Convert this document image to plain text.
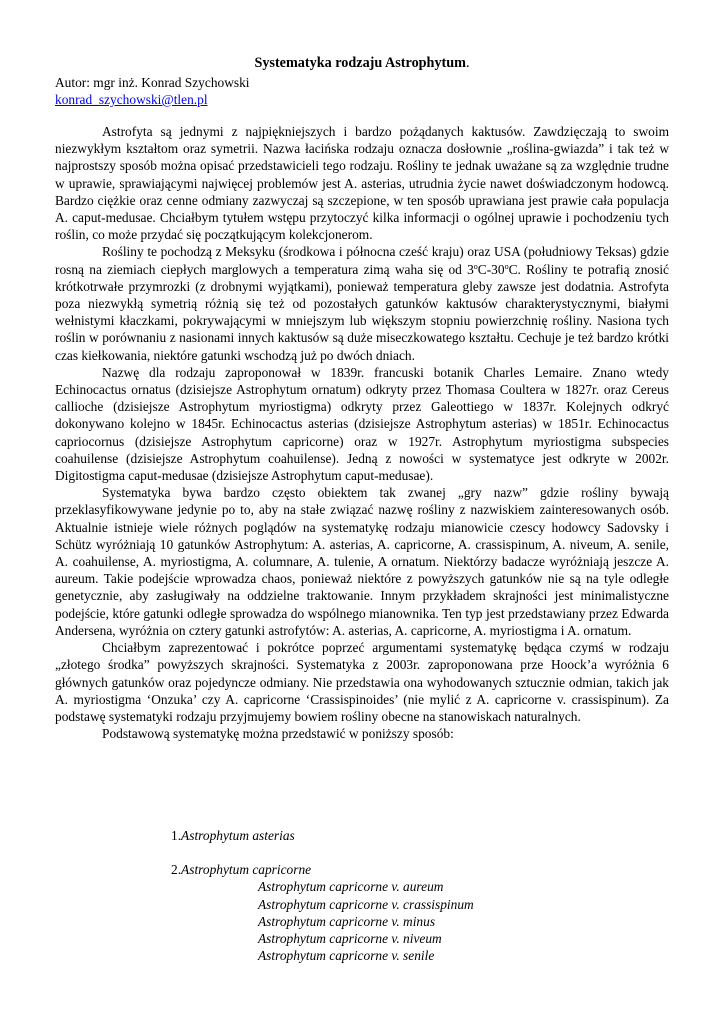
Systematyka rodzaju Astrophytum.
Autor: mgr inż. Konrad Szychowski
konrad_szychowski@tlen.pl

Astrofyta są jednymi z najpiękniejszych i bardzo pożądanych kaktusów. Zawdzięczają to swoim niezwykłym kształtom oraz symetrii. Nazwa łacińska rodzaju oznacza dosłownie „roślina-gwiazda” i tak też w najprostszy sposób można opisać przedstawicieli tego rodzaju. Rośliny te jednak uważane są za względnie trudne w uprawie, sprawiającymi najwięcej problemów jest A. asterias, utrudnia życie nawet doświadczonym hodowcą. Bardzo ciężkie oraz cenne odmiany zazwyczaj są szczepione, w ten sposób uprawiana jest prawie cała populacja A. caput-medusae. Chciałbym tytułem wstępu przytoczyć kilka informacji o ogólnej uprawie i pochodzeniu tych roślin, co może przydać się początkującym kolekcjonerom.

Rośliny te pochodzą z Meksyku (środkowa i północna cześć kraju) oraz USA (południowy Teksas) gdzie rosną na ziemiach ciepłych marglowych a temperatura zimą waha się od 3$^o$C-30$^o$C. Rośliny te potrafią znosić krótkotrwałe przymrozki (z drobnymi wyjątkami), ponieważ temperatura gleby zawsze jest dodatnia. Astrofyta poza niezwykłą symetrią różnią się też od pozostałych gatunków kaktusów charakterystycznymi, białymi wełnistymi kłaczkami, pokrywającymi w mniejszym lub większym stopniu powierzchnię rośliny. Nasiona tych roślin w porównaniu z nasionami innych kaktusów są duże miseczkowatego kształtu. Cechuje je też bardzo krótki czas kiełkowania, niektóre gatunki wschodzą już po dwóch dniach.

Nazwę dla rodzaju zaproponował w 1839r. francuski botanik Charles Lemaire. Znano wtedy Echinocactus ornatus (dzisiejsze Astrophytum ornatum) odkryty przez Thomasa Coultera w 1827r. oraz Cereus callioche (dzisiejsze Astrophytum myriostigma) odkryty przez Galeottiego w 1837r. Kolejnych odkryć dokonywano kolejno w 1845r. Echinocactus asterias (dzisiejsze Astrophytum asterias) w 1851r. Echinocactus capriocornus (dzisiejsze Astrophytum capricorne) oraz w 1927r. Astrophytum myriostigma subspecies coahuilense (dzisiejsze Astrophytum coahuilense). Jedną z nowości w systematyce jest odkryte w 2002r. Digitostigma caput-medusae (dzisiejsze Astrophytum caput-medusae).

Systematyka bywa bardzo często obiektem tak zwanej „gry nazw” gdzie rośliny bywają przeklasyfikowywane jedynie po to, aby na stałe związać nazwę rośliny z nazwiskiem zainteresowanych osób. Aktualnie istnieje wiele różnych poglądów na systematykę rodzaju mianowicie czescy hodowcy Sadovsky i Schütz wyróżniają 10 gatunków Astrophytum: A. asterias, A. capricorne, A. crassispinum, A. niveum, A. senile, A. coahuilense, A. myriostigma, A. columnare, A. tulenie, A ornatum. Niektórzy badacze wyróżniają jeszcze A. aureum. Takie podejście wprowadza chaos, ponieważ niektóre z powyższych gatunków nie są na tyle odległe genetycznie, aby zasługiwały na oddzielne traktowanie. Innym przykładem skrajności jest minimalistyczne podejście, które gatunki odległe sprowadza do wspólnego mianownika. Ten typ jest przedstawiany przez Edwarda Andersena, wyróżnia on cztery gatunki astrofytów: A. asterias, A. capricorne, A. myriostigma i A. ornatum.

Chciałbym zaprezentować i pokrótce poprzeć argumentami systematykę będąca czymś w rodzaju „złotego środka” powyższych skrajności. Systematyka z 2003r. zaproponowana prze Hoock’a wyróżnia 6 głównych gatunków oraz pojedyncze odmiany. Nie przedstawia ona wyhodowanych sztucznie odmian, takich jak A. myriostigma ‘Onzuka’ czy A. capricorne ‘Crassispinoides’ (nie mylić z A. capricorne v. crassispinum). Za podstawę systematyki rodzaju przyjmujemy bowiem rośliny obecne na stanowiskach naturalnych.

Podstawową systematykę można przedstawić w poniższy sposób:

1.Astrophytum asterias
2.Astrophytum capricorne
Astrophytum capricorne v. aureum
Astrophytum capricorne v. crassispinum
Astrophytum capricorne v. minus
Astrophytum capricorne v. niveum
Astrophytum capricorne v. senile
